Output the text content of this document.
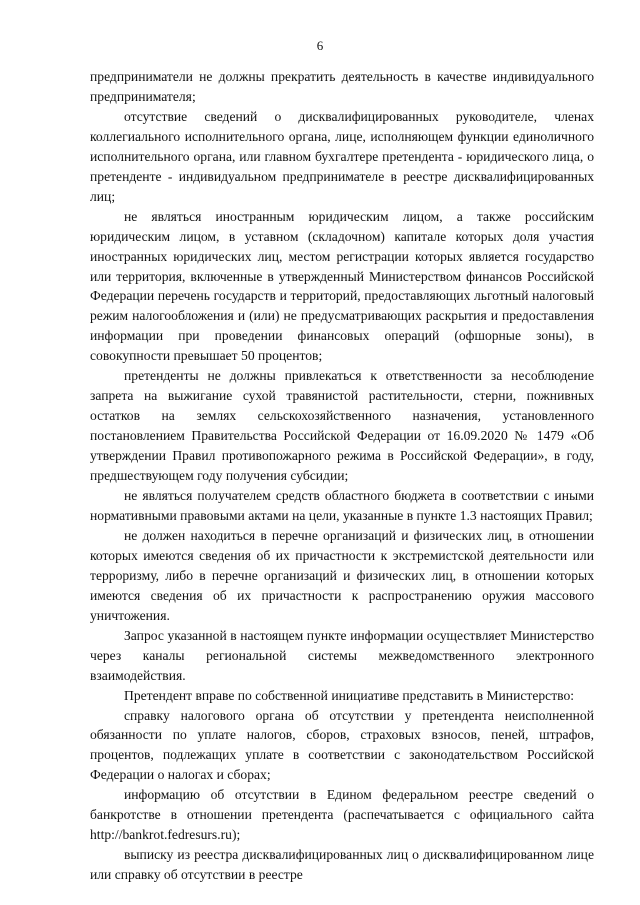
6

предприниматели не должны прекратить деятельность в качестве индивидуального предпринимателя;

отсутствие сведений о дисквалифицированных руководителе, членах коллегиального исполнительного органа, лице, исполняющем функции единоличного исполнительного органа, или главном бухгалтере претендента - юридического лица, о претенденте - индивидуальном предпринимателе в реестре дисквалифицированных лиц;

не являться иностранным юридическим лицом, а также российским юридическим лицом, в уставном (складочном) капитале которых доля участия иностранных юридических лиц, местом регистрации которых является государство или территория, включенные в утвержденный Министерством финансов Российской Федерации перечень государств и территорий, предоставляющих льготный налоговый режим налогообложения и (или) не предусматривающих раскрытия и предоставления информации при проведении финансовых операций (офшорные зоны), в совокупности превышает 50 процентов;

претенденты не должны привлекаться к ответственности за несоблюдение запрета на выжигание сухой травянистой растительности, стерни, пожнивных остатков на землях сельскохозяйственного назначения, установленного постановлением Правительства Российской Федерации от 16.09.2020 № 1479 «Об утверждении Правил противопожарного режима в Российской Федерации», в году, предшествующем году получения субсидии;

не являться получателем средств областного бюджета в соответствии с иными нормативными правовыми актами на цели, указанные в пункте 1.3 настоящих Правил;

не должен находиться в перечне организаций и физических лиц, в отношении которых имеются сведения об их причастности к экстремистской деятельности или терроризму, либо в перечне организаций и физических лиц, в отношении которых имеются сведения об их причастности к распространению оружия массового уничтожения.

Запрос указанной в настоящем пункте информации осуществляет Министерство через каналы региональной системы межведомственного электронного взаимодействия.

Претендент вправе по собственной инициативе представить в Министерство:

справку налогового органа об отсутствии у претендента неисполненной обязанности по уплате налогов, сборов, страховых взносов, пеней, штрафов, процентов, подлежащих уплате в соответствии с законодательством Российской Федерации о налогах и сборах;

информацию об отсутствии в Едином федеральном реестре сведений о банкротстве в отношении претендента (распечатывается с официального сайта http://bankrot.fedresurs.ru);

выписку из реестра дисквалифицированных лиц о дисквалифицированном лице или справку об отсутствии в реестре
